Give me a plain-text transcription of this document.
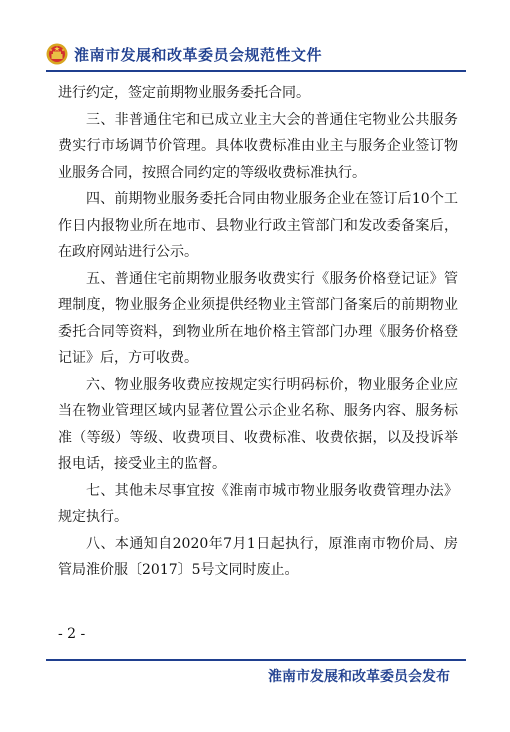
淮南市发展和改革委员会规范性文件

进行约定，签定前期物业服务委托合同。

三、非普通住宅和已成立业主大会的普通住宅物业公共服务费实行市场调节价管理。具体收费标准由业主与服务企业签订物业服务合同，按照合同约定的等级收费标准执行。

四、前期物业服务委托合同由物业服务企业在签订后10个工作日内报物业所在地市、县物业行政主管部门和发改委备案后，在政府网站进行公示。

五、普通住宅前期物业服务收费实行《服务价格登记证》管理制度，物业服务企业须提供经物业主管部门备案后的前期物业委托合同等资料，到物业所在地价格主管部门办理《服务价格登记证》后，方可收费。

六、物业服务收费应按规定实行明码标价，物业服务企业应当在物业管理区域内显著位置公示企业名称、服务内容、服务标准（等级）等级、收费项目、收费标准、收费依据，以及投诉举报电话，接受业主的监督。

七、其他未尽事宜按《淮南市城市物业服务收费管理办法》规定执行。

八、本通知自2020年7月1日起执行，原淮南市物价局、房管局淮价服〔2017〕5号文同时废止。

- 2 -
淮南市发展和改革委员会发布
